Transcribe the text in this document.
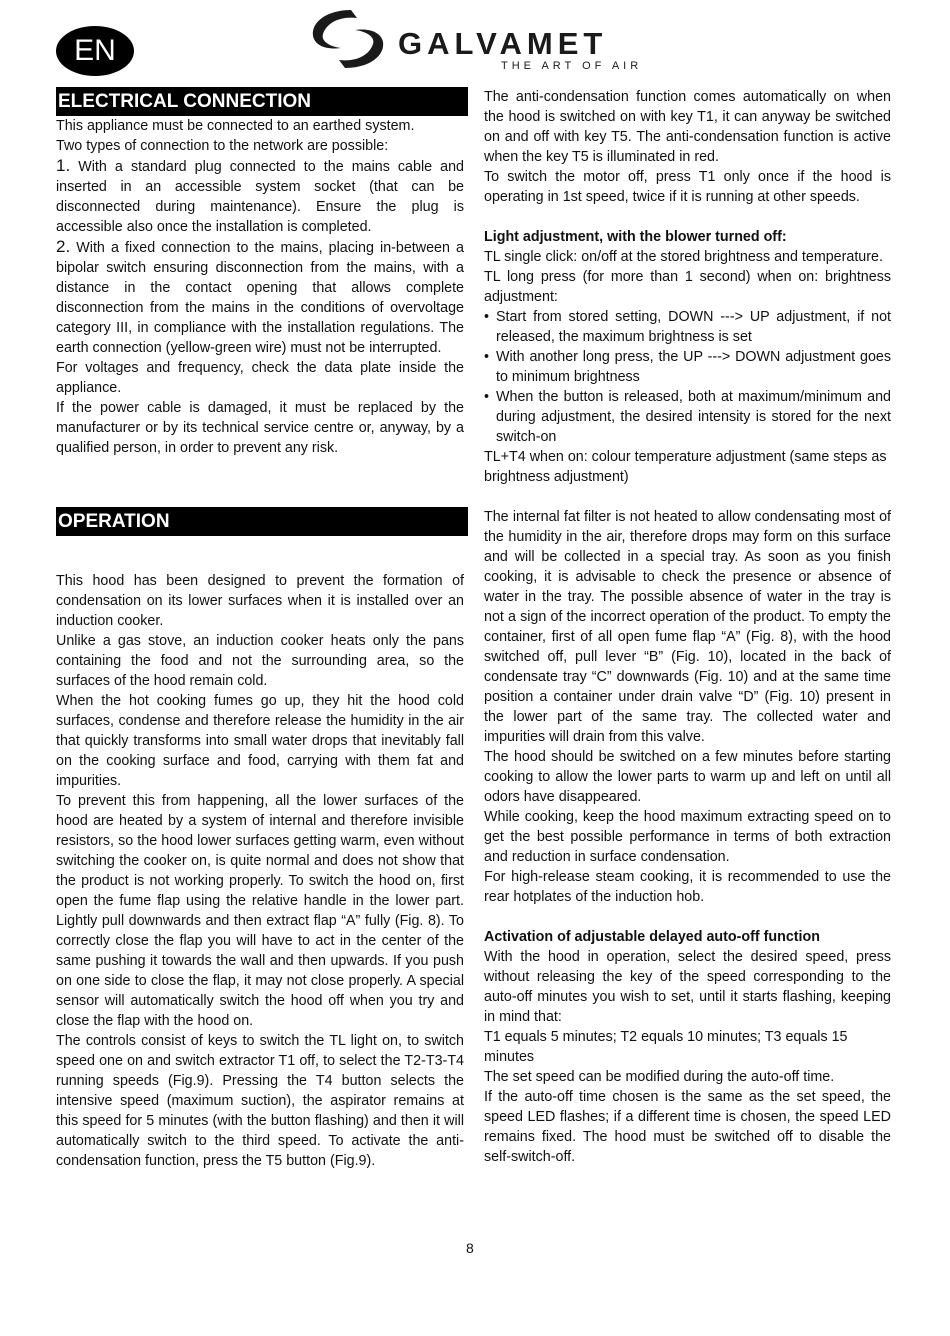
EN	GALVAMET
THE ART OF AIR
ELECTRICAL CONNECTION

This appliance must be connected to an earthed system.

Two types of connection to the network are possible:

1. With a standard plug connected to the mains cable and inserted in an accessible system socket (that can be disconnected during maintenance). Ensure the plug is accessible also once the installation is completed.

2. With a fixed connection to the mains, placing in-between a bipolar switch ensuring disconnection from the mains, with a distance in the contact opening that allows complete disconnection from the mains in the conditions of overvoltage category III, in compliance with the installation regulations. The earth connection (yellow-green wire) must not be interrupted.

For voltages and frequency, check the data plate inside the appliance.

If the power cable is damaged, it must be replaced by the manufacturer or by its technical service centre or, anyway, by a qualified person, in order to prevent any risk.

OPERATION

This hood has been designed to prevent the formation of condensation on its lower surfaces when it is installed over an induction cooker.

Unlike a gas stove, an induction cooker heats only the pans containing the food and not the surrounding area, so the surfaces of the hood remain cold.

When the hot cooking fumes go up, they hit the hood cold surfaces, condense and therefore release the humidity in the air that quickly transforms into small water drops that inevitably fall on the cooking surface and food, carrying with them fat and impurities.

To prevent this from happening, all the lower surfaces of the hood are heated by a system of internal and therefore invisible resistors, so the hood lower surfaces getting warm, even without switching the cooker on, is quite normal and does not show that the product is not working properly. To switch the hood on, first open the fume flap using the relative handle in the lower part. Lightly pull downwards and then extract flap “A” fully (Fig. 8). To correctly close the flap you will have to act in the center of the same pushing it towards the wall and then upwards. If you push on one side to close the flap, it may not close properly. A special sensor will automatically switch the hood off when you try and close the flap with the hood on.

The controls consist of keys to switch the TL light on, to switch speed one on and switch extractor T1 off, to select the T2-T3-T4 running speeds (Fig.9). Pressing the T4 button selects the intensive speed (maximum suction), the aspirator remains at this speed for 5 minutes (with the button flashing) and then it will automatically switch to the third speed. To activate the anti-condensation function, press the T5 button (Fig.9).

The anti-condensation function comes automatically on when the hood is switched on with key T1, it can anyway be switched on and off with key T5. The anti-condensation function is active when the key T5 is illuminated in red.

To switch the motor off, press T1 only once if the hood is operating in 1st speed, twice if it is running at other speeds.

Light adjustment, with the blower turned off:

TL single click: on/off at the stored brightness and temperature.

TL long press (for more than 1 second) when on: brightness adjustment:

• Start from stored setting, DOWN ---> UP adjustment, if not released, the maximum brightness is set
• With another long press, the UP ---> DOWN adjustment goes to minimum brightness
• When the button is released, both at maximum/minimum and during adjustment, the desired intensity is stored for the next switch-on

TL+T4 when on: colour temperature adjustment (same steps as brightness adjustment)

The internal fat filter is not heated to allow condensating most of the humidity in the air, therefore drops may form on this surface and will be collected in a special tray. As soon as you finish cooking, it is advisable to check the presence or absence of water in the tray. The possible absence of water in the tray is not a sign of the incorrect operation of the product. To empty the container, first of all open fume flap “A” (Fig. 8), with the hood switched off, pull lever “B” (Fig. 10), located in the back of condensate tray “C” downwards (Fig. 10) and at the same time position a container under drain valve “D” (Fig. 10) present in the lower part of the same tray. The collected water and impurities will drain from this valve.

The hood should be switched on a few minutes before starting cooking to allow the lower parts to warm up and left on until all odors have disappeared.

While cooking, keep the hood maximum extracting speed on to get the best possible performance in terms of both extraction and reduction in surface condensation.

For high-release steam cooking, it is recommended to use the rear hotplates of the induction hob.

Activation of adjustable delayed auto-off function

With the hood in operation, select the desired speed, press without releasing the key of the speed corresponding to the auto-off minutes you wish to set, until it starts flashing, keeping in mind that:

T1 equals 5 minutes; T2 equals 10 minutes; T3 equals 15 minutes

The set speed can be modified during the auto-off time.

If the auto-off time chosen is the same as the set speed, the speed LED flashes; if a different time is chosen, the speed LED remains fixed. The hood must be switched off to disable the self-switch-off.

8
